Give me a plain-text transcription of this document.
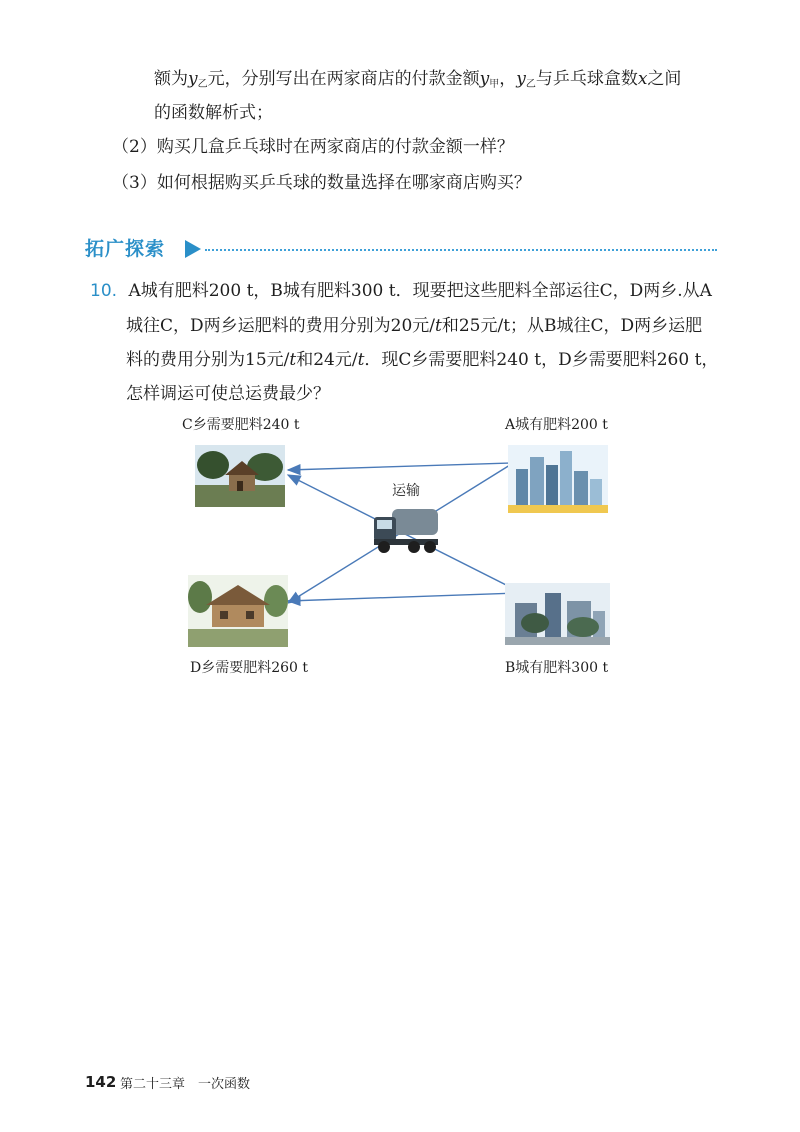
额为$y_乙$元，分别写出在两家商店的付款金额$y_甲$，$y_乙$与乒乓球盒数x之间
的函数解析式；
（2）购买几盒乒乓球时在两家商店的付款金额一样？
（3）如何根据购买乒乓球的数量选择在哪家商店购买？
拓广探索
10. A城有肥料200 t，B城有肥料300 t．现要把这些肥料全部运往C，D两乡.从A
城往C，D两乡运肥料的费用分别为20元/t和25元/t；从B城往C，D两乡运肥
料的费用分别为15元/t和24元/t．现C乡需要肥料240 t，D乡需要肥料260 t，
怎样调运可使总运费最少？
C乡需要肥料240 t	A城有肥料200 t
运输
D乡需要肥料260 t	B城有肥料300 t
142 第二十三章　一次函数
